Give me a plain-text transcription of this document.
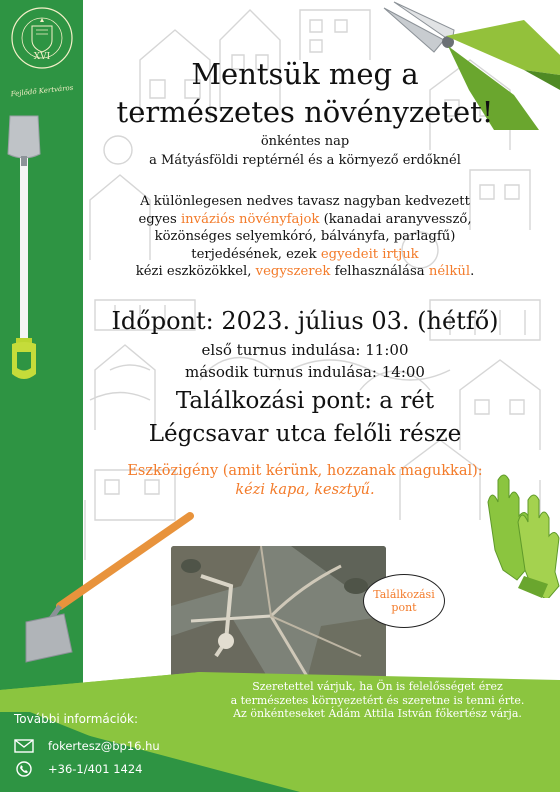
XVI
Fejlődő Kertváros
Mentsük meg a
természetes növényzetet!
önkéntes nap
a Mátyásföldi reptérnél és a környező erdőknél
A különlegesen nedves tavasz nagyban kedvezett
egyes inváziós növényfajok (kanadai aranyvessző,
közönséges selyemkóró, bálványfa, parlagfű)
terjedésének, ezek egyedeit irtjuk
kézi eszközökkel, vegyszerek felhasználása nélkül.
Időpont: 2023. július 03. (hétfő)
első turnus indulása: 11:00
második turnus indulása: 14:00
Találkozási pont: a rét
Légcsavar utca felőli része
Eszközigény (amit kérünk, hozzanak magukkal):
kézi kapa, kesztyű.
Találkozási
pont
Szeretettel várjuk, ha Ön is felelősséget érez
a természetes környezetért és szeretne is tenni érte.
Az önkénteseket Ádám Attila István főkertész várja.
További információk:
fokertesz@bp16.hu
+36-1/401 1424
